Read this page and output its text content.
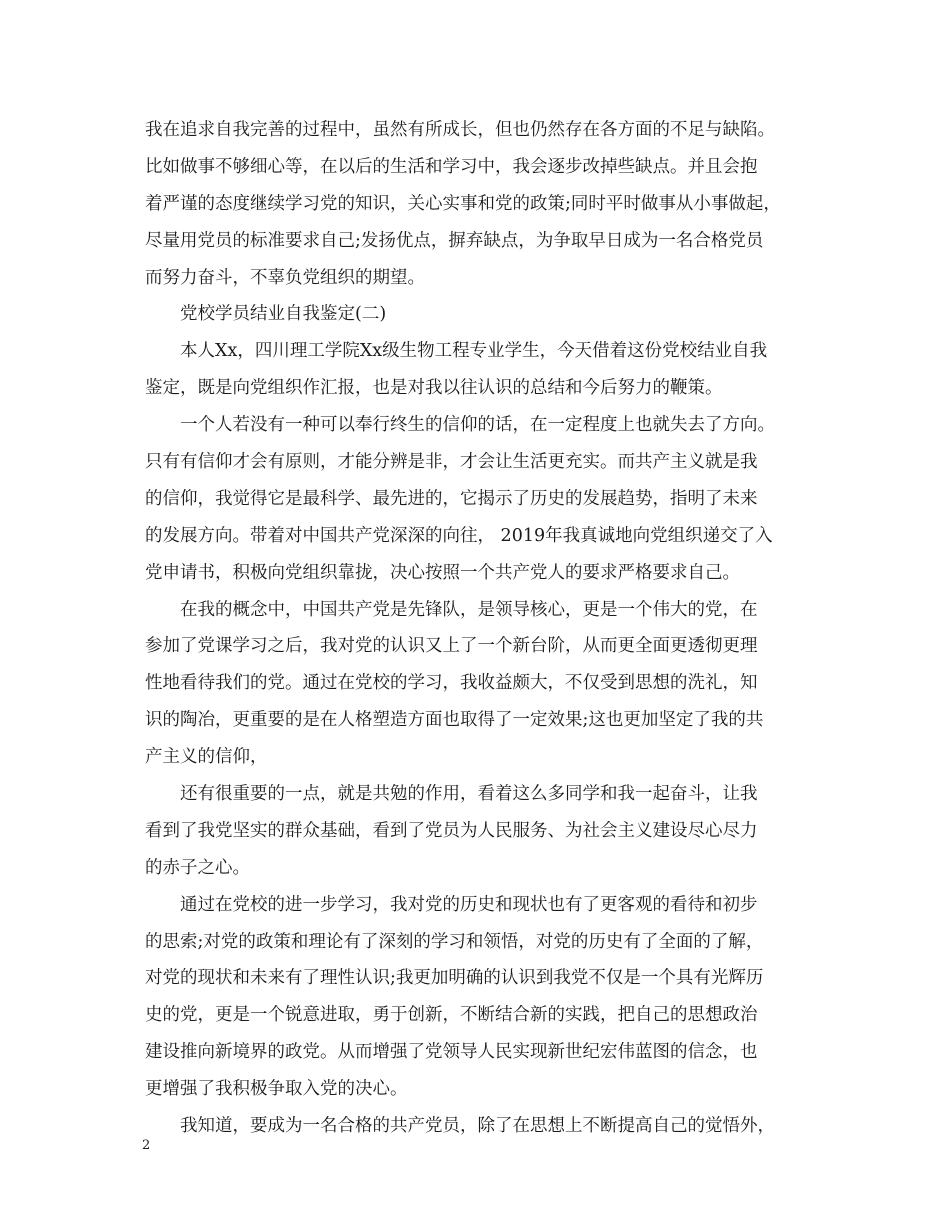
我在追求自我完善的过程中，虽然有所成长，但也仍然存在各方面的不足与缺陷。
比如做事不够细心等，在以后的生活和学习中，我会逐步改掉些缺点。并且会抱
着严谨的态度继续学习党的知识，关心实事和党的政策;同时平时做事从小事做起，
尽量用党员的标准要求自己;发扬优点，摒弃缺点，为争取早日成为一名合格党员
而努力奋斗，不辜负党组织的期望。
党校学员结业自我鉴定(二)
本人Xx，四川理工学院Xx级生物工程专业学生，今天借着这份党校结业自我
鉴定，既是向党组织作汇报，也是对我以往认识的总结和今后努力的鞭策。
一个人若没有一种可以奉行终生的信仰的话，在一定程度上也就失去了方向。
只有有信仰才会有原则，才能分辨是非，才会让生活更充实。而共产主义就是我
的信仰，我觉得它是最科学、最先进的，它揭示了历史的发展趋势，指明了未来
的发展方向。带着对中国共产党深深的向往， 2019年我真诚地向党组织递交了入
党申请书，积极向党组织靠拢，决心按照一个共产党人的要求严格要求自己。
在我的概念中，中国共产党是先锋队，是领导核心，更是一个伟大的党，在
参加了党课学习之后，我对党的认识又上了一个新台阶，从而更全面更透彻更理
性地看待我们的党。通过在党校的学习，我收益颇大，不仅受到思想的洗礼，知
识的陶冶，更重要的是在人格塑造方面也取得了一定效果;这也更加坚定了我的共
产主义的信仰，
还有很重要的一点，就是共勉的作用，看着这么多同学和我一起奋斗，让我
看到了我党坚实的群众基础，看到了党员为人民服务、为社会主义建设尽心尽力
的赤子之心。
通过在党校的进一步学习，我对党的历史和现状也有了更客观的看待和初步
的思索;对党的政策和理论有了深刻的学习和领悟，对党的历史有了全面的了解，
对党的现状和未来有了理性认识;我更加明确的认识到我党不仅是一个具有光辉历
史的党，更是一个锐意进取，勇于创新，不断结合新的实践，把自己的思想政治
建设推向新境界的政党。从而增强了党领导人民实现新世纪宏伟蓝图的信念，也
更增强了我积极争取入党的决心。
我知道，要成为一名合格的共产党员，除了在思想上不断提高自己的觉悟外，
2
